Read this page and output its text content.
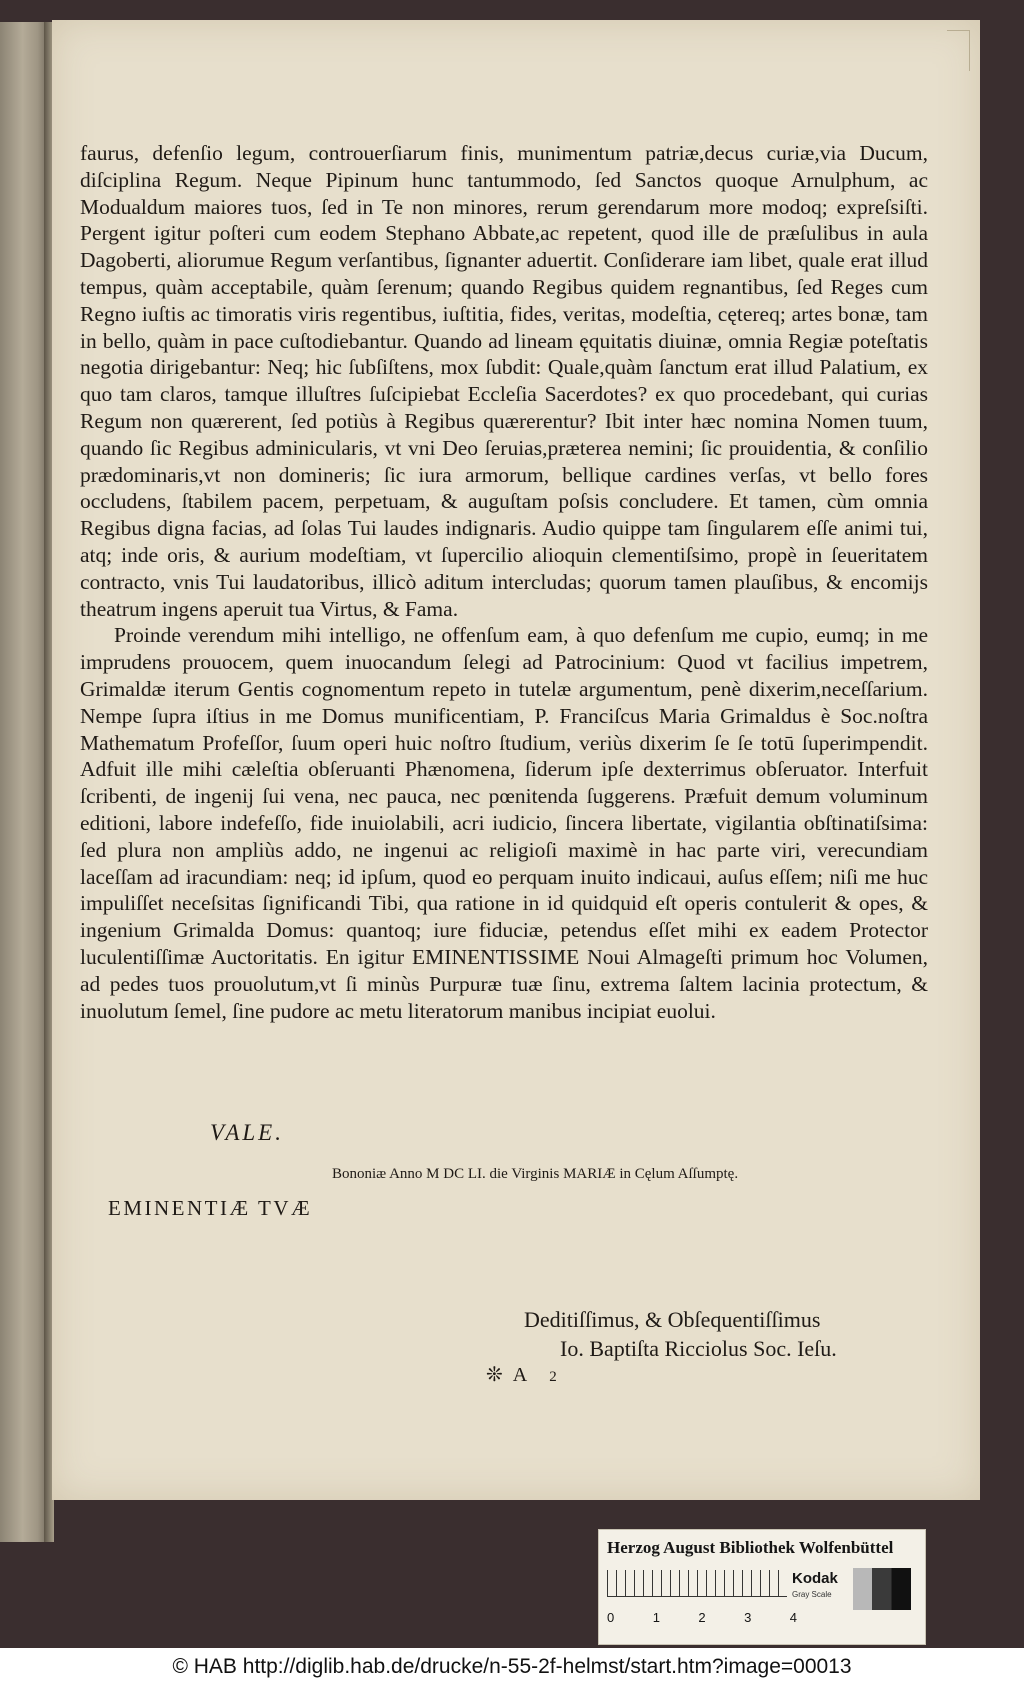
faurus, defenſio legum, controuerſiarum finis, munimentum patriæ,decus curiæ,via Ducum, diſciplina Regum. Neque Pipinum hunc tantummodo, ſed Sanctos quoque Arnulphum, ac Modualdum maiores tuos, ſed in Te non minores, rerum gerendarum more modoq; expreſsiſti. Pergent igitur poſteri cum eodem Stephano Abbate,ac repetent, quod ille de præſulibus in aula Dagoberti, aliorumue Regum verſantibus, ſignanter aduertit. Conſiderare iam libet, quale erat illud tempus, quàm acceptabile, quàm ſerenum; quando Regibus quidem regnantibus, ſed Reges cum Regno iuſtis ac timoratis viris regentibus, iuſtitia, fides, veritas, modeſtia, cętereq; artes bonæ, tam in bello, quàm in pace cuſtodiebantur. Quando ad lineam ęquitatis diuinæ, omnia Regiæ poteſtatis negotia dirigebantur: Neq; hic ſubſiſtens, mox ſubdit: Quale,quàm ſanctum erat illud Palatium, ex quo tam claros, tamque illuſtres ſuſcipiebat Eccleſia Sacerdotes? ex quo procedebant, qui curias Regum non quærerent, ſed potiùs à Regibus quærerentur? Ibit inter hæc nomina Nomen tuum, quando ſic Regibus adminicularis, vt vni Deo ſeruias,præterea nemini; ſic prouidentia, & conſilio prædominaris,vt non domineris; ſic iura armorum, bellique cardines verſas, vt bello fores occludens, ſtabilem pacem, perpetuam, & auguſtam poſsis concludere. Et tamen, cùm omnia Regibus digna facias, ad ſolas Tui laudes indignaris. Audio quippe tam ſingularem eſſe animi tui, atq; inde oris, & aurium modeſtiam, vt ſupercilio alioquin clementiſsimo, propè in ſeueritatem contracto, vnis Tui laudatoribus, illicò aditum intercludas; quorum tamen plauſibus, & encomijs theatrum ingens aperuit tua Virtus, & Fama.

Proinde verendum mihi intelligo, ne offenſum eam, à quo defenſum me cupio, eumq; in me imprudens prouocem, quem inuocandum ſelegi ad Patrocinium: Quod vt facilius impetrem, Grimaldæ iterum Gentis cognomentum repeto in tutelæ argumentum, penè dixerim,neceſſarium. Nempe ſupra iſtius in me Domus munificentiam, P. Franciſcus Maria Grimaldus è Soc.noſtra Mathematum Profeſſor, ſuum operi huic noſtro ſtudium, veriùs dixerim ſe ſe totū ſuperimpendit. Adfuit ille mihi cæleſtia obſeruanti Phænomena, ſiderum ipſe dexterrimus obſeruator. Interfuit ſcribenti, de ingenij ſui vena, nec pauca, nec pœnitenda ſuggerens. Præfuit demum voluminum editioni, labore indefeſſo, fide inuiolabili, acri iudicio, ſincera libertate, vigilantia obſtinatiſsima: ſed plura non ampliùs addo, ne ingenui ac religioſi maximè in hac parte viri, verecundiam laceſſam ad iracundiam: neq; id ipſum, quod eo perquam inuito indicaui, auſus eſſem; niſi me huc impuliſſet neceſsitas ſignificandi Tibi, qua ratione in id quidquid eſt operis contulerit & opes, & ingenium Grimalda Domus: quantoq; iure fiduciæ, petendus eſſet mihi ex eadem Protector luculentiſſimæ Auctoritatis. En igitur EMINENTISSIME Noui Almageſti primum hoc Volumen, ad pedes tuos prouolutum,vt ſi minùs Purpuræ tuæ ſinu, extrema ſaltem lacinia protectum, & inuolutum ſemel, ſine pudore ac metu literatorum manibus incipiat euolui.

VALE.
Bononiæ Anno M DC LI. die Virginis MARIÆ in Cęlum Aſſumptę.
EMINENTIÆ TVÆ
Deditiſſimus, & Obſequentiſſimus
Io. Baptiſta Ricciolus Soc. Ieſu.
❊A 2
Herzog August Bibliothek Wolfenbüttel
0	1	2	3	4
Kodak
Gray Scale
© HAB http://diglib.hab.de/drucke/n-55-2f-helmst/start.htm?image=00013
